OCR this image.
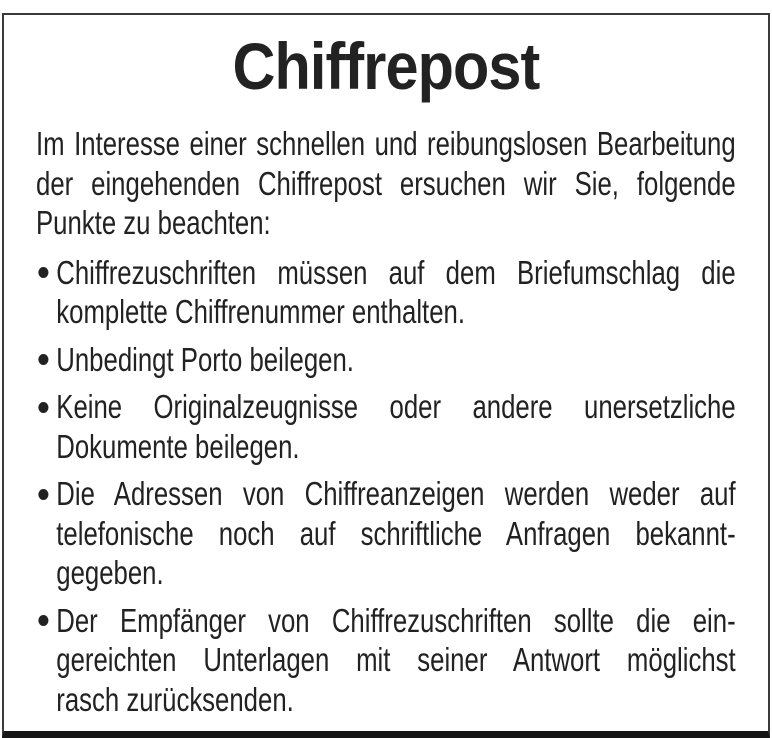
Chiffrepost
Im Interesse einer schnellen und reibungslosen Bearbeitung
der eingehenden Chiffrepost ersuchen wir Sie, folgende
Punkte zu beachten:
Chiffrezuschriften müssen auf dem Briefumschlag die
komplette Chiffrenummer enthalten.
Unbedingt Porto beilegen.
Keine Originalzeugnisse oder andere unersetzliche
Dokumente beilegen.
Die Adressen von Chiffreanzeigen werden weder auf
telefonische noch auf schriftliche Anfragen bekannt-
gegeben.
Der Empfänger von Chiffrezuschriften sollte die ein-
gereichten Unterlagen mit seiner Antwort möglichst
rasch zurücksenden.
